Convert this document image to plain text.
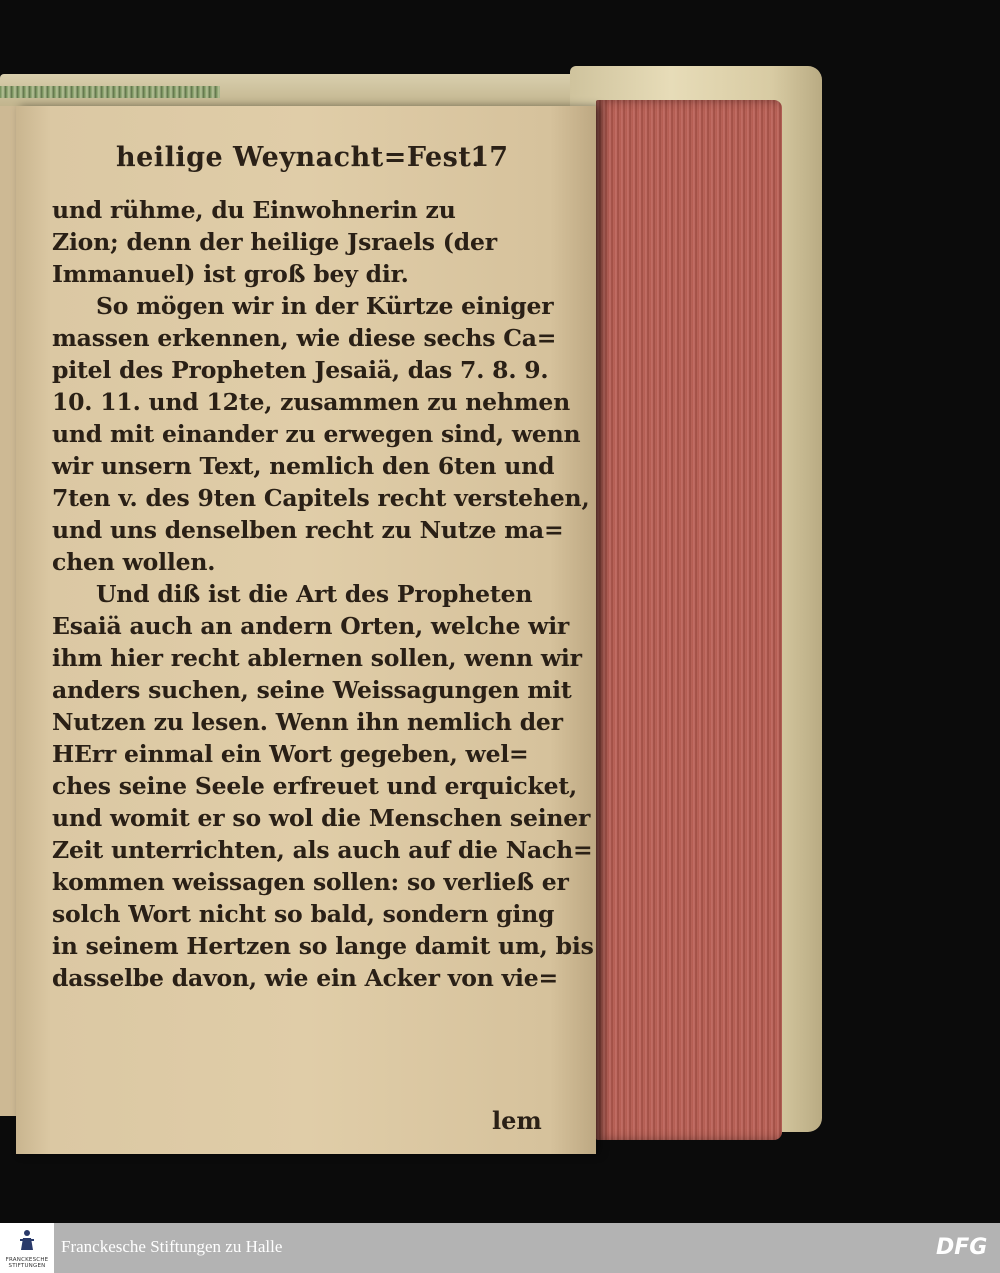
heilige Weynacht=Fest.
17
und rühme, du Einwohnerin zu
Zion; denn der heilige Jsraels (der
Immanuel) ist groß bey dir.
So mögen wir in der Kürtze einiger
massen erkennen, wie diese sechs Ca=
pitel des Propheten Jesaiä, das 7. 8. 9.
10. 11. und 12te, zusammen zu nehmen
und mit einander zu erwegen sind, wenn
wir unsern Text, nemlich den 6ten und
7ten v. des 9ten Capitels recht verstehen,
und uns denselben recht zu Nutze ma=
chen wollen.
Und diß ist die Art des Propheten
Esaiä auch an andern Orten, welche wir
ihm hier recht ablernen sollen, wenn wir
anders suchen, seine Weissagungen mit
Nutzen zu lesen. Wenn ihn nemlich der
HErr einmal ein Wort gegeben, wel=
ches seine Seele erfreuet und erquicket,
und womit er so wol die Menschen seiner
Zeit unterrichten, als auch auf die Nach=
kommen weissagen sollen: so verließ er
solch Wort nicht so bald, sondern ging
in seinem Hertzen so lange damit um, bis
dasselbe davon, wie ein Acker von vie=
lem
FRANCKESCHE STIFTUNGEN
Franckesche Stiftungen zu Halle	DFG
